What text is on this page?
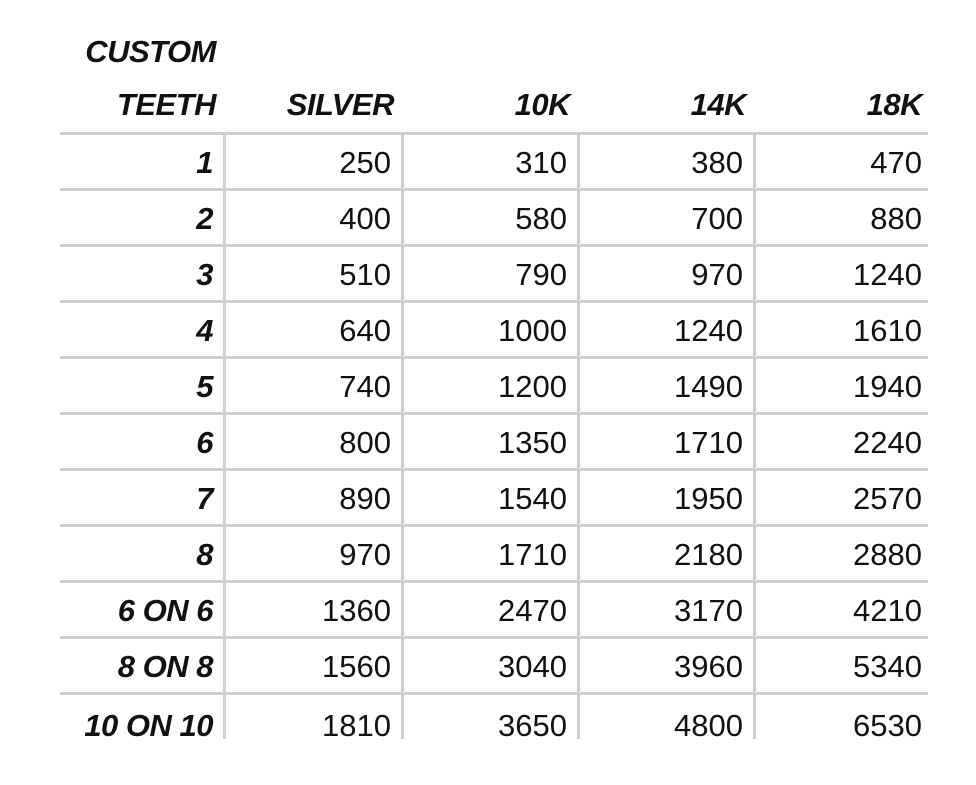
CUSTOM
TEETH	SILVER	10K	14K	18K
1	250	310	380	470
2	400	580	700	880
3	510	790	970	1240
4	640	1000	1240	1610
5	740	1200	1490	1940
6	800	1350	1710	2240
7	890	1540	1950	2570
8	970	1710	2180	2880
6 ON 6	1360	2470	3170	4210
8 ON 8	1560	3040	3960	5340
10 ON 10	1810	3650	4800	6530
